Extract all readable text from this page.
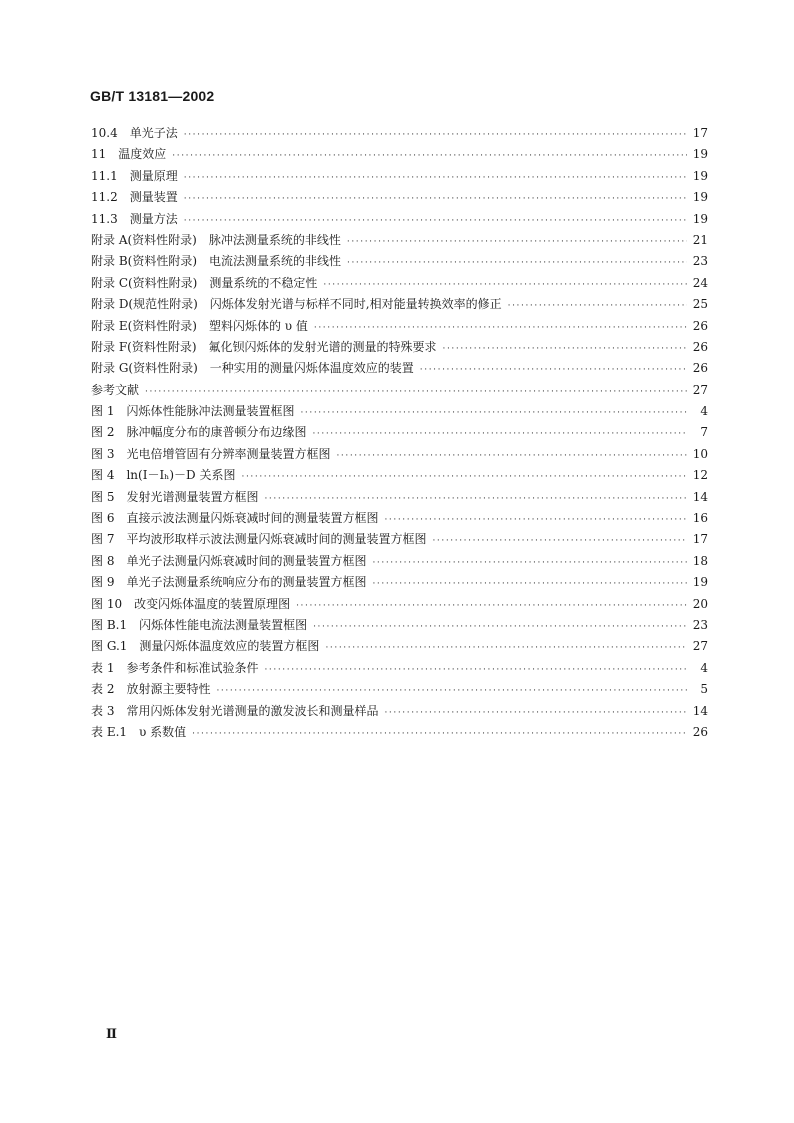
GB/T 13181—2002
10.4　单光子法 ·····	17
11　温度效应 ·····	19
11.1　测量原理 ·····	19
11.2　测量装置 ·····	19
11.3　测量方法 ·····	19
附录 A(资料性附录)　脉冲法测量系统的非线性 ·····	21
附录 B(资料性附录)　电流法测量系统的非线性 ·····	23
附录 C(资料性附录)　测量系统的不稳定性 ·····	24
附录 D(规范性附录)　闪烁体发射光谱与标样不同时,相对能量转换效率的修正 ·····	25
附录 E(资料性附录)　塑料闪烁体的 υ 值 ·····	26
附录 F(资料性附录)　氟化钡闪烁体的发射光谱的测量的特殊要求 ·····	26
附录 G(资料性附录)　一种实用的测量闪烁体温度效应的装置 ·····	26
参考文献 ·····	27
图 1　闪烁体性能脉冲法测量装置框图 ·····	4
图 2　脉冲幅度分布的康普顿分布边缘图 ·····	7
图 3　光电倍增管固有分辨率测量装置方框图 ·····	10
图 4　ln(I－Iₕ)－D 关系图 ·····	12
图 5　发射光谱测量装置方框图 ·····	14
图 6　直接示波法测量闪烁衰减时间的测量装置方框图 ·····	16
图 7　平均波形取样示波法测量闪烁衰减时间的测量装置方框图 ·····	17
图 8　单光子法测量闪烁衰减时间的测量装置方框图 ·····	18
图 9　单光子法测量系统响应分布的测量装置方框图 ·····	19
图 10　改变闪烁体温度的装置原理图 ·····	20
图 B.1　闪烁体性能电流法测量装置框图 ·····	23
图 G.1　测量闪烁体温度效应的装置方框图 ·····	27
表 1　参考条件和标准试验条件 ·····	4
表 2　放射源主要特性 ·····	5
表 3　常用闪烁体发射光谱测量的激发波长和测量样品 ·····	14
表 E.1　υ 系数值 ·····	26
Ⅱ
